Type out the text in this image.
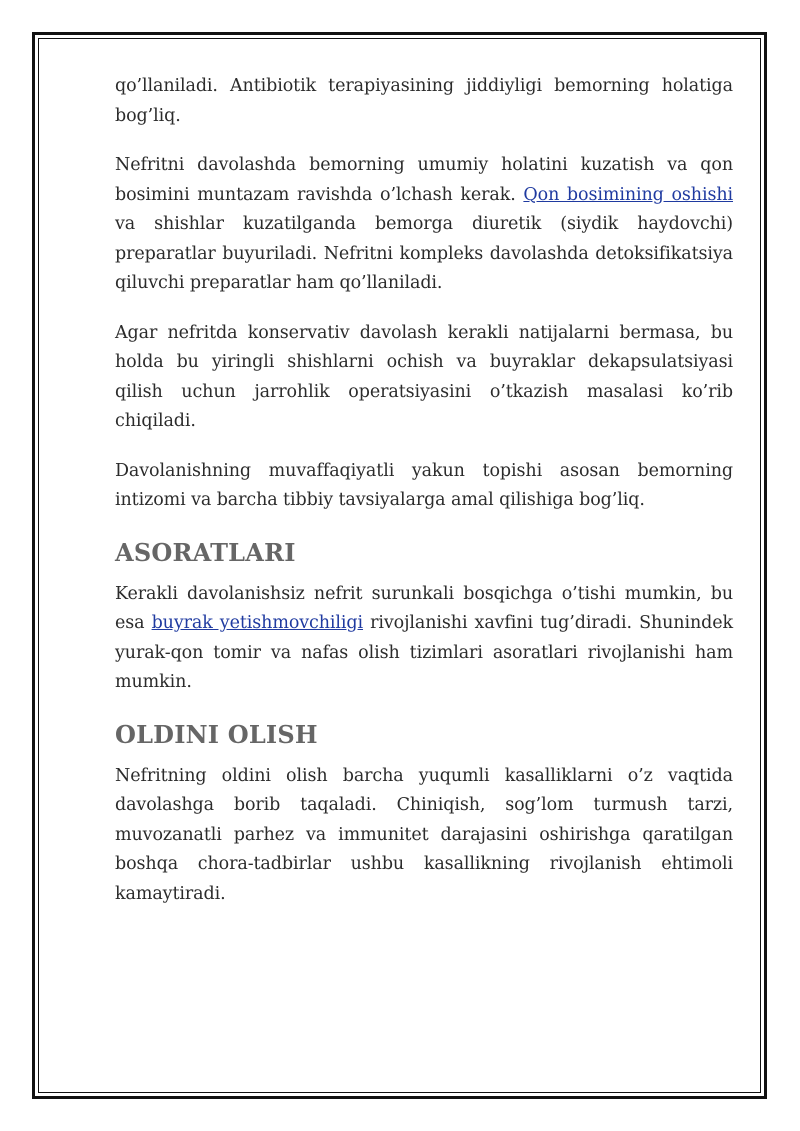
qo’llaniladi. Antibiotik terapiyasining jiddiyligi bemorning holatiga bog’liq.

Nefritni davolashda bemorning umumiy holatini kuzatish va qon bosimini muntazam ravishda o’lchash kerak. Qon bosimining oshishi va shishlar kuzatilganda bemorga diuretik (siydik haydovchi) preparatlar buyuriladi. Nefritni kompleks davolashda detoksifikatsiya qiluvchi preparatlar ham qo’llaniladi.

Agar nefritda konservativ davolash kerakli natijalarni bermasa, bu holda bu yiringli shishlarni ochish va buyraklar dekapsulatsiyasi qilish uchun jarrohlik operatsiyasini o’tkazish masalasi ko’rib chiqiladi.

Davolanishning muvaffaqiyatli yakun topishi asosan bemorning intizomi va barcha tibbiy tavsiyalarga amal qilishiga bog’liq.

ASORATLARI

Kerakli davolanishsiz nefrit surunkali bosqichga o’tishi mumkin, bu esa buyrak yetishmovchiligi rivojlanishi xavfini tug’diradi. Shunindek yurak-qon tomir va nafas olish tizimlari asoratlari rivojlanishi ham mumkin.

OLDINI OLISH

Nefritning oldini olish barcha yuqumli kasalliklarni o’z vaqtida davolashga borib taqaladi. Chiniqish, sog’lom turmush tarzi, muvozanatli parhez va immunitet darajasini oshirishga qaratilgan boshqa chora-tadbirlar ushbu kasallikning rivojlanish ehtimoli kamaytiradi.
